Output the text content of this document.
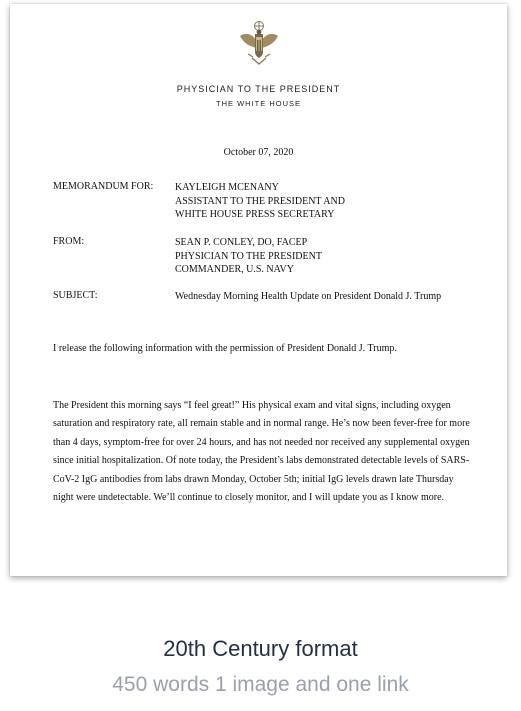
PHYSICIAN TO THE PRESIDENT
THE WHITE HOUSE
October 07, 2020
MEMORANDUM FOR: KAYLEIGH MCENANY
ASSISTANT TO THE PRESIDENT AND
WHITE HOUSE PRESS SECRETARY
FROM:	SEAN P. CONLEY, DO, FACEP
PHYSICIAN TO THE PRESIDENT
COMMANDER, U.S. NAVY
SUBJECT:	Wednesday Morning Health Update on President Donald J. Trump
I release the following information with the permission of President Donald J. Trump.
The President this morning says “I feel great!” His physical exam and vital signs, including oxygen saturation and respiratory rate, all remain stable and in normal range. He’s now been fever-free for more than 4 days, symptom-free for over 24 hours, and has not needed nor received any supplemental oxygen since initial hospitalization. Of note today, the President’s labs demonstrated detectable levels of SARS-CoV-2 IgG antibodies from labs drawn Monday, October 5th; initial IgG levels drawn late Thursday night were undetectable. We’ll continue to closely monitor, and I will update you as I know more.
20th Century format
450 words 1 image and one link
